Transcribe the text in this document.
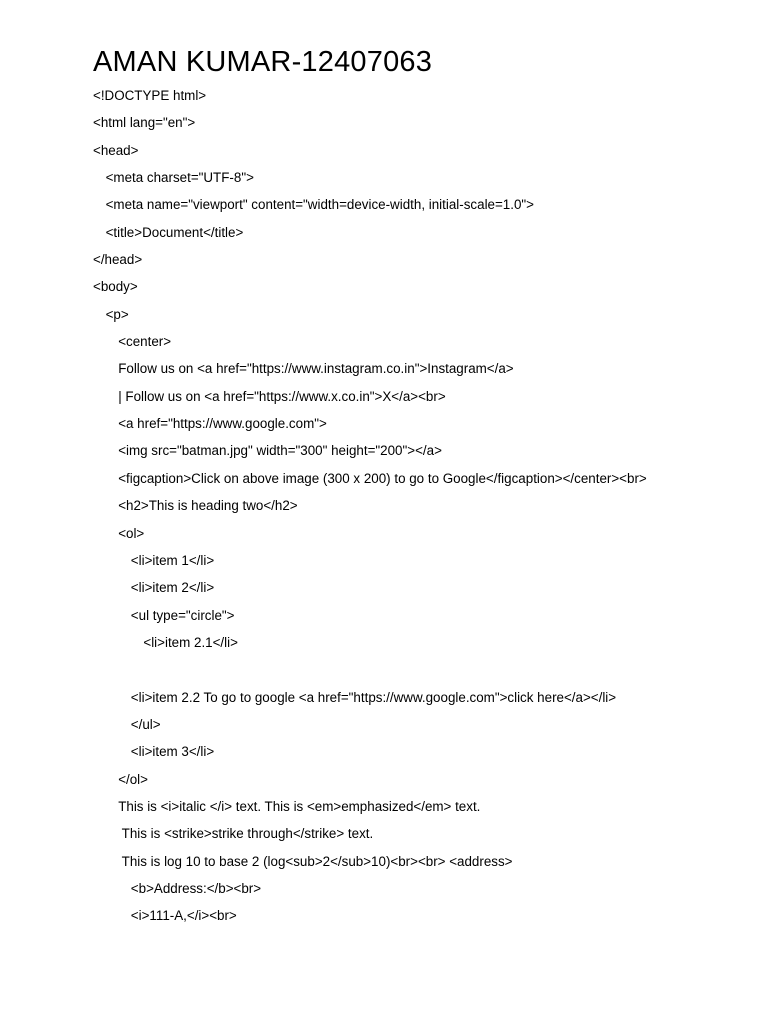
AMAN KUMAR-12407063
<!DOCTYPE html>
<html lang="en">
<head>
<meta charset="UTF-8">
<meta name="viewport" content="width=device-width, initial-scale=1.0">
<title>Document</title>
</head>
<body>
<p>
<center>
Follow us on <a href="https://www.instagram.co.in">Instagram</a>
| Follow us on <a href="https://www.x.co.in">X</a><br>
<a href="https://www.google.com">
<img src="batman.jpg" width="300" height="200"></a>
<figcaption>Click on above image (300 x 200) to go to Google</figcaption></center><br>
<h2>This is heading two</h2>
<ol>
<li>item 1</li>
<li>item 2</li>
<ul type="circle">
<li>item 2.1</li>
<li>item 2.2 To go to google <a href="https://www.google.com">click here</a></li>
</ul>
<li>item 3</li>
</ol>
This is <i>italic </i> text. This is <em>emphasized</em> text.
This is <strike>strike through</strike> text.
This is log 10 to base 2 (log<sub>2</sub>10)<br><br> <address>
<b>Address:</b><br>
<i>111-A,</i><br>
